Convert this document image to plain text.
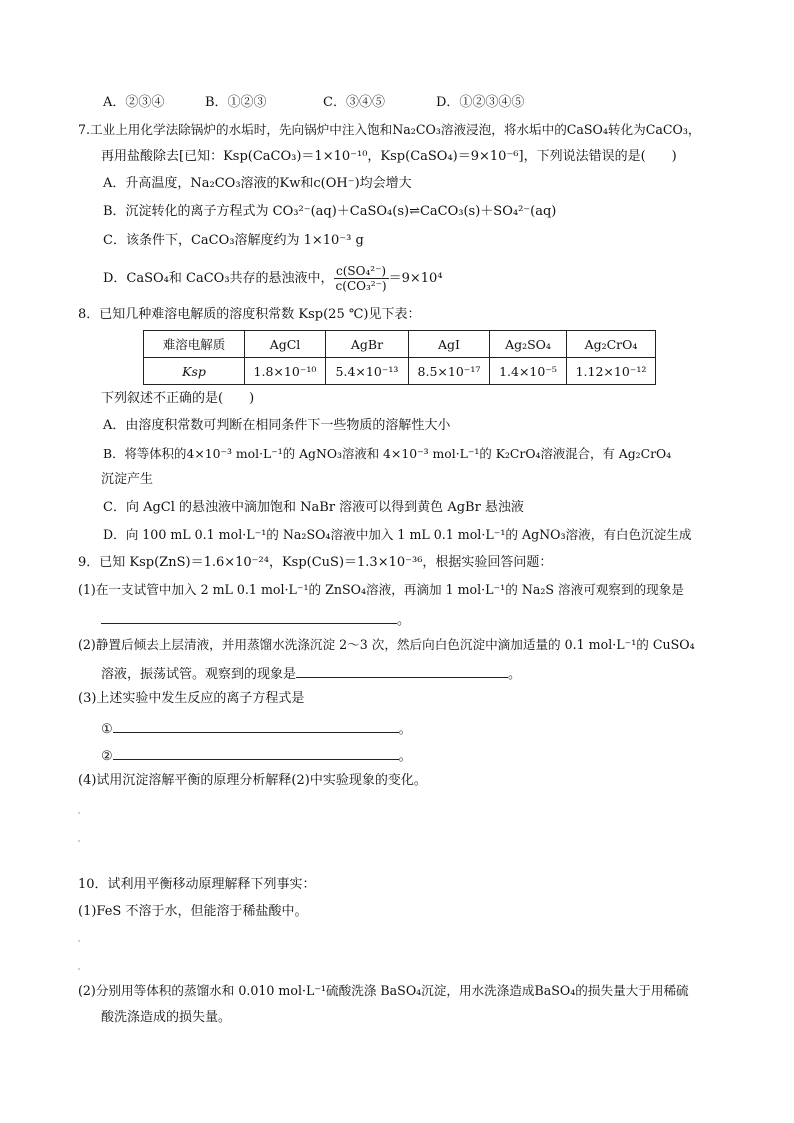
A．②③④	B．①②③	C．③④⑤	D．①②③④⑤
7.工业上用化学法除锅炉的水垢时，先向锅炉中注入饱和Na₂CO₃溶液浸泡，将水垢中的CaSO₄转化为CaCO₃，
再用盐酸除去[已知：Ksp(CaCO₃)＝1×10⁻¹⁰，Ksp(CaSO₄)＝9×10⁻⁶]，下列说法错误的是(　　)
A．升高温度，Na₂CO₃溶液的Kw和c(OH⁻)均会增大
B．沉淀转化的离子方程式为 CO₃²⁻(aq)＋CaSO₄(s)⇌CaCO₃(s)＋SO₄²⁻(aq)
C．该条件下，CaCO₃溶解度约为 1×10⁻³ g
D．CaSO₄和 CaCO₃共存的悬浊液中， $\frac{\text{c(SO₄²⁻)}}{\text{c(CO₃²⁻)}} =9\times 10^4$
8．已知几种难溶电解质的溶度积常数 Ksp(25 ℃)见下表：
难溶电解质	AgCl	AgBr	AgI	Ag₂SO₄	Ag₂CrO₄
Ksp	1.8×10⁻¹⁰	5.4×10⁻¹³	8.5×10⁻¹⁷	1.4×10⁻⁵	1.12×10⁻¹²
下列叙述不正确的是(　　)
A．由溶度积常数可判断在相同条件下一些物质的溶解性大小
B．将等体积的4×10⁻³ mol·L⁻¹的 AgNO₃溶液和 4×10⁻³ mol·L⁻¹的 K₂CrO₄溶液混合，有 Ag₂CrO₄
沉淀产生
C．向 AgCl 的悬浊液中滴加饱和 NaBr 溶液可以得到黄色 AgBr 悬浊液
D．向 100 mL 0.1 mol·L⁻¹的 Na₂SO₄溶液中加入 1 mL 0.1 mol·L⁻¹的 AgNO₃溶液，有白色沉淀生成
9．已知 Ksp(ZnS)＝1.6×10⁻²⁴，Ksp(CuS)＝1.3×10⁻³⁶，根据实验回答问题：
(1)在一支试管中加入 2 mL 0.1 mol·L⁻¹的 ZnSO₄溶液，再滴加 1 mol·L⁻¹的 Na₂S 溶液可观察到的现象是
。
(2)静置后倾去上层清液，并用蒸馏水洗涤沉淀 2～3 次，然后向白色沉淀中滴加适量的 0.1 mol·L⁻¹的 CuSO₄
溶液，振荡试管。观察到的现象是	。
(3)上述实验中发生反应的离子方程式是
①	。
②	。
(4)试用沉淀溶解平衡的原理分析解释(2)中实验现象的变化。
10．试利用平衡移动原理解释下列事实：
(1)FeS 不溶于水，但能溶于稀盐酸中。
(2)分别用等体积的蒸馏水和 0.010 mol·L⁻¹硫酸洗涤 BaSO₄沉淀，用水洗涤造成BaSO₄的损失量大于用稀硫
酸洗涤造成的损失量。
